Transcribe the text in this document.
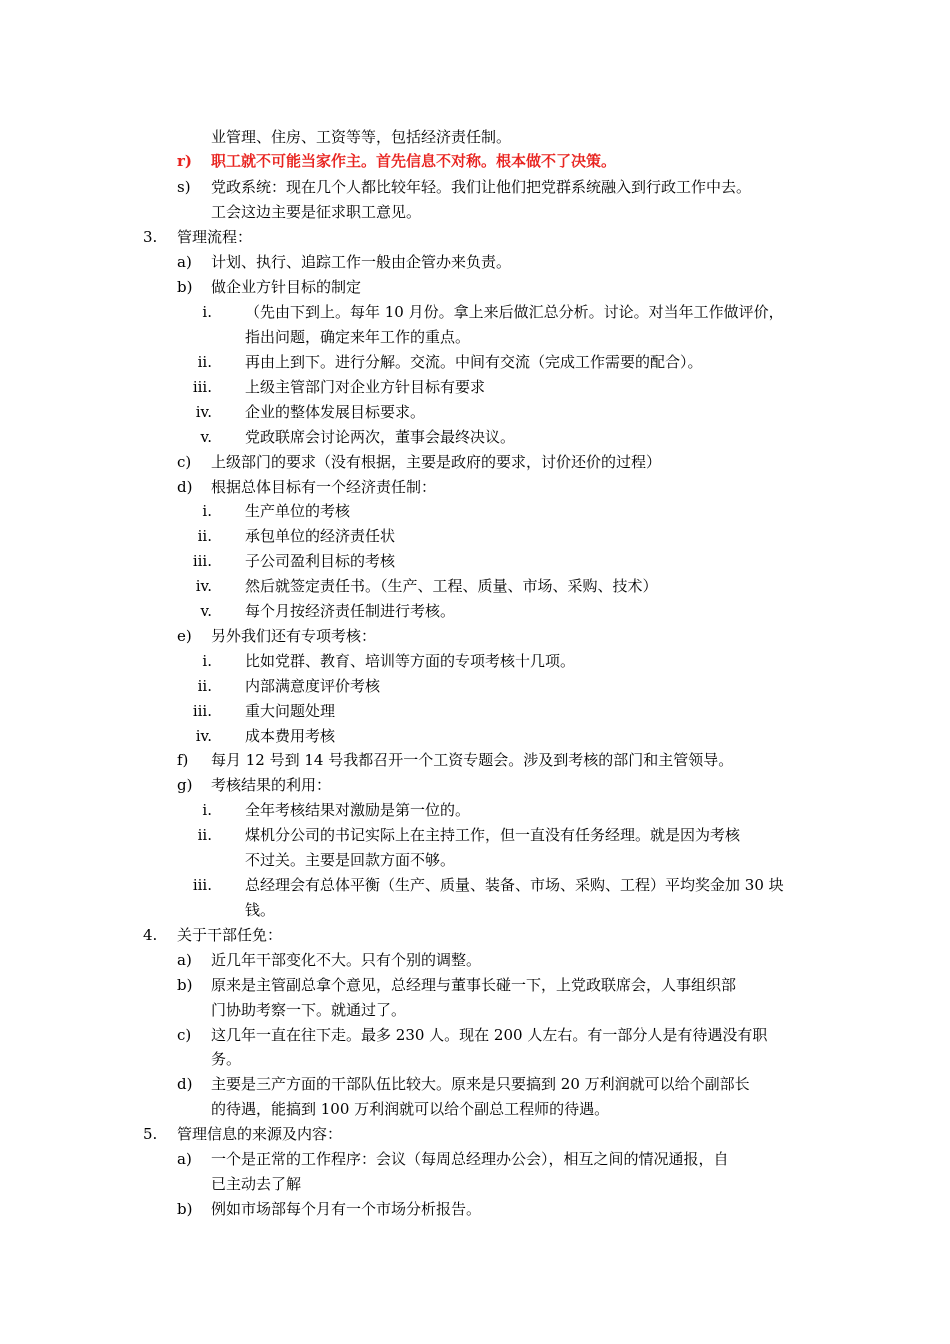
业管理、住房、工资等等，包括经济责任制。
r) 职工就不可能当家作主。首先信息不对称。根本做不了决策。
s) 党政系统：现在几个人都比较年轻。我们让他们把党群系统融入到行政工作中去。
工会这边主要是征求职工意见。
3. 管理流程：
a) 计划、执行、追踪工作一般由企管办来负责。
b) 做企业方针目标的制定
i. （先由下到上。每年 10 月份。拿上来后做汇总分析。讨论。对当年工作做评价，
指出问题，确定来年工作的重点。
ii. 再由上到下。进行分解。交流。中间有交流（完成工作需要的配合）。
iii. 上级主管部门对企业方针目标有要求
iv. 企业的整体发展目标要求。
v. 党政联席会讨论两次，董事会最终决议。
c) 上级部门的要求（没有根据，主要是政府的要求，讨价还价的过程）
d) 根据总体目标有一个经济责任制：
i. 生产单位的考核
ii. 承包单位的经济责任状
iii. 子公司盈利目标的考核
iv. 然后就签定责任书。（生产、工程、质量、市场、采购、技术）
v. 每个月按经济责任制进行考核。
e) 另外我们还有专项考核：
i. 比如党群、教育、培训等方面的专项考核十几项。
ii. 内部满意度评价考核
iii. 重大问题处理
iv. 成本费用考核
f) 每月 12 号到 14 号我都召开一个工资专题会。涉及到考核的部门和主管领导。
g) 考核结果的利用：
i. 全年考核结果对激励是第一位的。
ii. 煤机分公司的书记实际上在主持工作，但一直没有任务经理。就是因为考核
不过关。主要是回款方面不够。
iii. 总经理会有总体平衡（生产、质量、装备、市场、采购、工程）平均奖金加 30 块
钱。
4. 关于干部任免：
a) 近几年干部变化不大。只有个别的调整。
b) 原来是主管副总拿个意见，总经理与董事长碰一下，上党政联席会，人事组织部
门协助考察一下。就通过了。
c) 这几年一直在往下走。最多 230 人。现在 200 人左右。有一部分人是有待遇没有职
务。
d) 主要是三产方面的干部队伍比较大。原来是只要搞到 20 万利润就可以给个副部长
的待遇，能搞到 100 万利润就可以给个副总工程师的待遇。
5. 管理信息的来源及内容：
a) 一个是正常的工作程序：会议（每周总经理办公会），相互之间的情况通报，自
已主动去了解
b) 例如市场部每个月有一个市场分析报告。
